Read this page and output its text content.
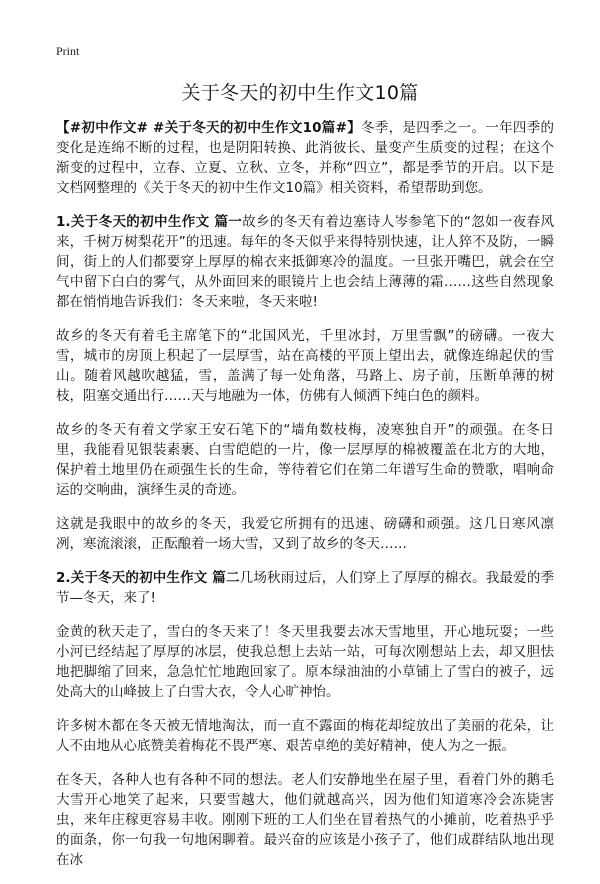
Print
关于冬天的初中生作文10篇

【#初中作文# #关于冬天的初中生作文10篇#】冬季，是四季之一。一年四季的变化是连绵不断的过程，也是阴阳转换、此消彼长、量变产生质变的过程；在这个渐变的过程中，立春、立夏、立秋、立冬，并称“四立”，都是季节的开启。以下是文档网整理的《关于冬天的初中生作文10篇》相关资料，希望帮助到您。

1.关于冬天的初中生作文 篇一故乡的冬天有着边塞诗人岑参笔下的“忽如一夜春风来，千树万树梨花开”的迅速。每年的冬天似乎来得特别快速，让人猝不及防，一瞬间，街上的人们都要穿上厚厚的棉衣来抵御寒冷的温度。一旦张开嘴巴，就会在空气中留下白白的雾气，从外面回来的眼镜片上也会结上薄薄的霜……这些自然现象都在悄悄地告诉我们：冬天来啦，冬天来啦!

故乡的冬天有着毛主席笔下的“北国风光，千里冰封，万里雪飘”的磅礴。一夜大雪，城市的房顶上积起了一层厚雪，站在高楼的平顶上望出去，就像连绵起伏的雪山。随着风越吹越猛，雪，盖满了每一处角落，马路上、房子前，压断单薄的树枝，阻塞交通出行……天与地融为一体，仿佛有人倾洒下纯白色的颜料。

故乡的冬天有着文学家王安石笔下的“墙角数枝梅，凌寒独自开”的顽强。在冬日里，我能看见银装素裹、白雪皑皑的一片，像一层厚厚的棉被覆盖在北方的大地，保护着土地里仍在顽强生长的生命，等待着它们在第二年谱写生命的赞歌，唱响命运的交响曲，演绎生灵的奇迹。

这就是我眼中的故乡的冬天，我爱它所拥有的迅速、磅礴和顽强。这几日寒风凛冽，寒流滚滚，正酝酿着一场大雪，又到了故乡的冬天……

2.关于冬天的初中生作文 篇二几场秋雨过后，人们穿上了厚厚的棉衣。我最爱的季节—冬天，来了!

金黄的秋天走了，雪白的冬天来了！冬天里我要去冰天雪地里，开心地玩耍；一些小河已经结起了厚厚的冰层，使我总想上去站一站，可每次刚想站上去，却又胆怯地把脚缩了回来，急急忙忙地跑回家了。原本绿油油的小草铺上了雪白的被子，远处高大的山峰披上了白雪大衣，令人心旷神怡。

许多树木都在冬天被无情地淘汰，而一直不露面的梅花却绽放出了美丽的花朵，让人不由地从心底赞美着梅花不畏严寒、艰苦卓绝的美好精神，使人为之一振。

在冬天，各种人也有各种不同的想法。老人们安静地坐在屋子里，看着门外的鹅毛大雪开心地笑了起来，只要雪越大，他们就越高兴，因为他们知道寒冷会冻毙害虫，来年庄稼更容易丰收。刚刚下班的工人们坐在冒着热气的小摊前，吃着热乎乎的面条，你一句我一句地闲聊着。最兴奋的应该是小孩子了，他们成群结队地出现在冰
